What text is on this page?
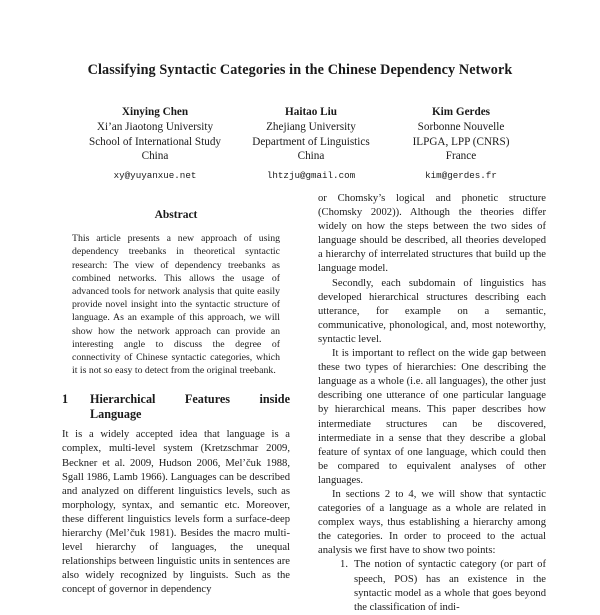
Classifying Syntactic Categories in the Chinese Dependency Network
Xinying Chen
Xi’an Jiaotong University
School of International Study
China
xy@yuyanxue.net
Haitao Liu
Zhejiang University
Department of Linguistics
China
lhtzju@gmail.com
Kim Gerdes
Sorbonne Nouvelle
ILPGA, LPP (CNRS)
France
kim@gerdes.fr
Abstract

This article presents a new approach of using dependency treebanks in theoretical syntactic research: The view of dependency treebanks as combined networks. This allows the usage of advanced tools for network analysis that quite easily provide novel insight into the syntactic structure of language. As an example of this approach, we will show how the network approach can provide an interesting angle to discuss the degree of connectivity of Chinese syntactic categories, which it is not so easy to detect from the original treebank.

1	Hierarchical Features inside Language

It is a widely accepted idea that language is a complex, multi-level system (Kretzschmar 2009, Beckner et al. 2009, Hudson 2006, Mel’čuk 1988, Sgall 1986, Lamb 1966). Languages can be described and analyzed on different linguistics levels, such as morphology, syntax, and semantic etc. Moreover, these different linguistics levels form a surface-deep hierarchy (Mel’čuk 1981). Besides the macro multi-level hierarchy of languages, the unequal relationships between linguistic units in sentences are also widely recognized by linguists. Such as the concept of governor in dependency

or Chomsky’s logical and phonetic structure (Chomsky 2002)). Although the theories differ widely on how the steps between the two sides of language should be described, all theories developed a hierarchy of interrelated structures that build up the language model.

Secondly, each subdomain of linguistics has developed hierarchical structures describing each utterance, for example on a semantic, communicative, phonological, and, most noteworthy, syntactic level.

It is important to reflect on the wide gap between these two types of hierarchies: One describing the language as a whole (i.e. all languages), the other just describing one utterance of one particular language by hierarchical means. This paper describes how intermediate structures can be discovered, intermediate in a sense that they describe a global feature of syntax of one language, which could then be compared to equivalent analyses of other languages.

In sections 2 to 4, we will show that syntactic categories of a language as a whole are related in complex ways, thus establishing a hierarchy among the categories. In order to proceed to the actual analysis we first have to show two points:

1. The notion of syntactic category (or part of speech, POS) has an existence in the syntactic model as a whole that goes beyond the classification of indi-
